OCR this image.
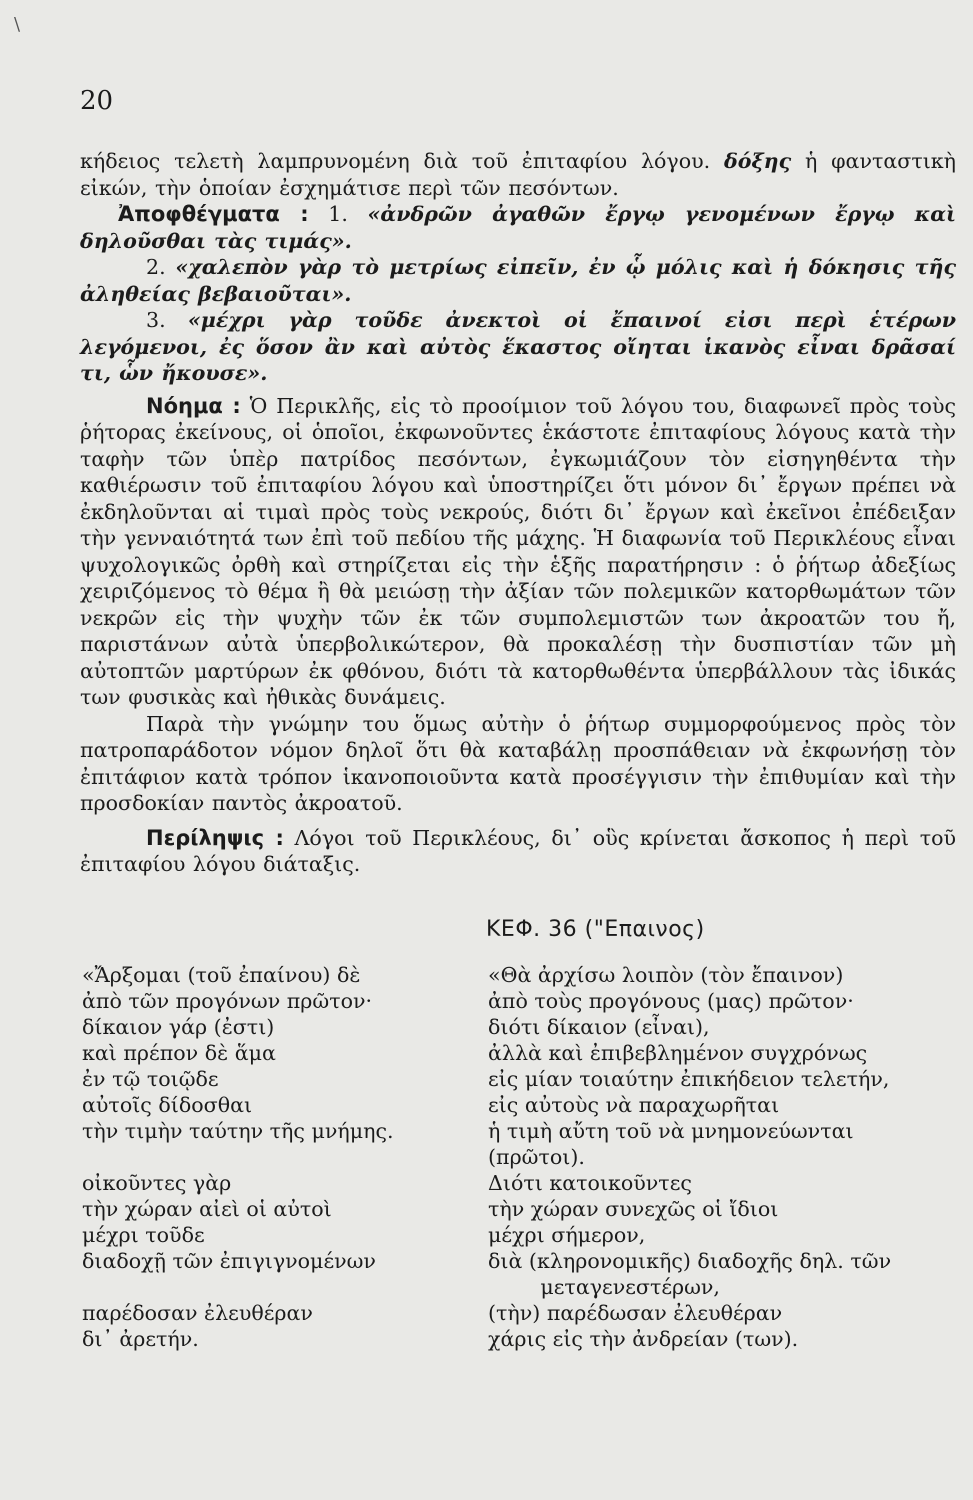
\
20

κήδειος τελετὴ λαμπρυνομένη διὰ τοῦ ἐπιταφίου λόγου. δόξης ἡ φανταστικὴ εἰκών, τὴν ὁποίαν ἐσχημάτισε περὶ τῶν πεσόντων.

Ἀποφθέγματα : 1. «ἀνδρῶν ἀγαθῶν ἔργῳ γενομένων ἔργῳ καὶ δηλοῦσθαι τὰς τιμάς».

2. «χαλεπὸν γὰρ τὸ μετρίως εἰπεῖν, ἐν ᾧ μόλις καὶ ἡ δόκησις τῆς ἀληθείας βεβαιοῦται».

3. «μέχρι γὰρ τοῦδε ἀνεκτοὶ οἱ ἔπαινοί εἰσι περὶ ἑτέρων λεγόμενοι, ἐς ὅσον ἂν καὶ αὐτὸς ἕκαστος οἴηται ἱκανὸς εἶναι δρᾶσαί τι, ὧν ἤκουσε».

Νόημα : Ὁ Περικλῆς, εἰς τὸ προοίμιον τοῦ λόγου του, διαφωνεῖ πρὸς τοὺς ῥήτορας ἐκείνους, οἱ ὁποῖοι, ἐκφωνοῦντες ἑκάστοτε ἐπιταφίους λόγους κατὰ τὴν ταφὴν τῶν ὑπὲρ πατρίδος πεσόντων, ἐγκωμιάζουν τὸν εἰσηγηθέντα τὴν καθιέρωσιν τοῦ ἐπιταφίου λόγου καὶ ὑποστηρίζει ὅτι μόνον δι᾽ ἔργων πρέπει νὰ ἐκδηλοῦνται αἱ τιμαὶ πρὸς τοὺς νεκρούς, διότι δι᾽ ἔργων καὶ ἐκεῖνοι ἐπέδειξαν τὴν γενναιότητά των ἐπὶ τοῦ πεδίου τῆς μάχης. Ἡ διαφωνία τοῦ Περικλέους εἶναι ψυχολογικῶς ὀρθὴ καὶ στηρίζεται εἰς τὴν ἑξῆς παρατήρησιν : ὁ ῥήτωρ ἀδεξίως χειριζόμενος τὸ θέμα ἢ θὰ μειώσῃ τὴν ἀξίαν τῶν πολεμικῶν κατορθωμάτων τῶν νεκρῶν εἰς τὴν ψυχὴν τῶν ἐκ τῶν συμπολεμιστῶν των ἀκροατῶν του ἤ, παριστάνων αὐτὰ ὑπερβολικώτερον, θὰ προκαλέσῃ τὴν δυσπιστίαν τῶν μὴ αὐτοπτῶν μαρτύρων ἐκ φθόνου, διότι τὰ κατορθωθέντα ὑπερβάλλουν τὰς ἰδικάς των φυσικὰς καὶ ἠθικὰς δυνάμεις.

Παρὰ τὴν γνώμην του ὅμως αὐτὴν ὁ ῥήτωρ συμμορφούμενος πρὸς τὸν πατροπαράδοτον νόμον δηλοῖ ὅτι θὰ καταβάλῃ προσπάθειαν νὰ ἐκφωνήσῃ τὸν ἐπιτάφιον κατὰ τρόπον ἱκανοποιοῦντα κατὰ προσέγγισιν τὴν ἐπιθυμίαν καὶ τὴν προσδοκίαν παντὸς ἀκροατοῦ.

Περίληψις : Λόγοι τοῦ Περικλέους, δι᾽ οὓς κρίνεται ἄσκοπος ἡ περὶ τοῦ ἐπιταφίου λόγου διάταξις.

ΚΕΦ. 36 ("Επαινος)
«Ἄρξομαι (τοῦ ἐπαίνου) δὲ	«Θὰ ἀρχίσω λοιπὸν (τὸν ἔπαινον)
ἀπὸ τῶν προγόνων πρῶτον·	ἀπὸ τοὺς προγόνους (μας) πρῶτον·
δίκαιον γάρ (ἐστι)	διότι δίκαιον (εἶναι),
καὶ πρέπον δὲ ἅμα	ἀλλὰ καὶ ἐπιβεβλημένον συγχρόνως
ἐν τῷ τοιῷδε	εἰς μίαν τοιαύτην ἐπικήδειον τελετήν,
αὐτοῖς δίδοσθαι	εἰς αὐτοὺς νὰ παραχωρῆται
τὴν τιμὴν ταύτην τῆς μνήμης.	ἡ τιμὴ αὔτη τοῦ νὰ μνημονεύωνται
(πρῶτοι).
οἰκοῦντες γὰρ	Διότι κατοικοῦντες
τὴν χώραν αἰεὶ οἱ αὐτοὶ	τὴν χώραν συνεχῶς οἱ ἴδιοι
μέχρι τοῦδε	μέχρι σήμερον,
διαδοχῇ τῶν ἐπιγιγνομένων	διὰ (κληρονομικῆς) διαδοχῆς δηλ. τῶν
μεταγενεστέρων,
παρέδοσαν ἐλευθέραν	(τὴν) παρέδωσαν ἐλευθέραν
δι᾽ ἀρετήν.	χάρις εἰς τὴν ἀνδρείαν (των).
